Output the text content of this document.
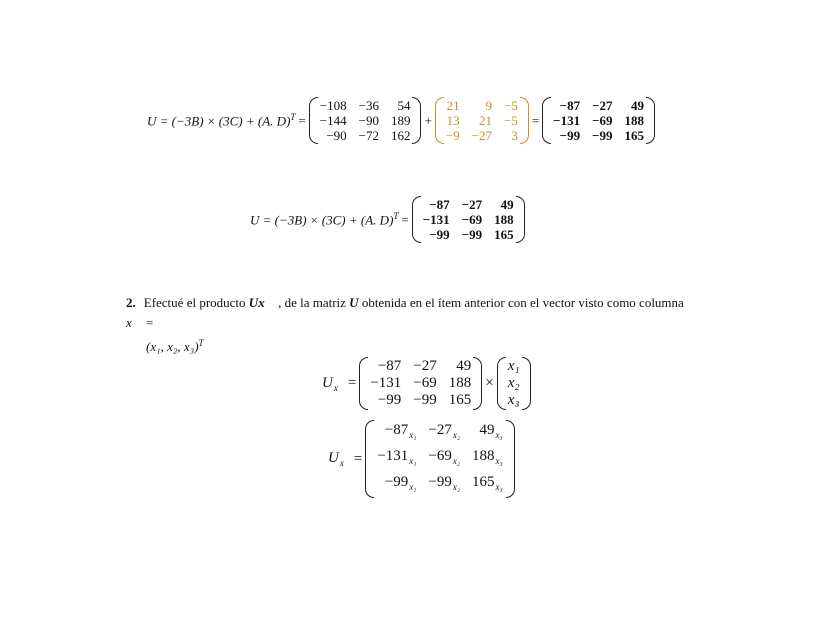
U = (−3B) × (3C) + (A. D)$^T$ =
−108 −36	54
−144 −90 189
−90 −72 162
+
21	9 −5
13	21 −5
−9 −27	3
=
−87 −27	49
−131 −69 188
−99 −99 165
U = (−3B) × (3C) + (A. D)$^T$ =
−87 −27	49
−131 −69 188
−99 −99 165
2. Efectué el producto Ux⃗ , de la matriz U obtenida en el ítem anterior con el vector visto como columna x⃗ =
(x₁, x₂, x₃)$^T$
$U_{x⃗}$ =
−87 −27	49
−131 −69 188
−99 −99 165
×
x₁
x₂
x₃
$U_{x⃗}$ =
$-87_{x_1} -27_{x_2}$	$49_{x_3}$
$-131_{x_1} -69_{x_2}$ $188_{x_3}$
$-99_{x_1} -99_{x_2}$ $165_{x_3}$
